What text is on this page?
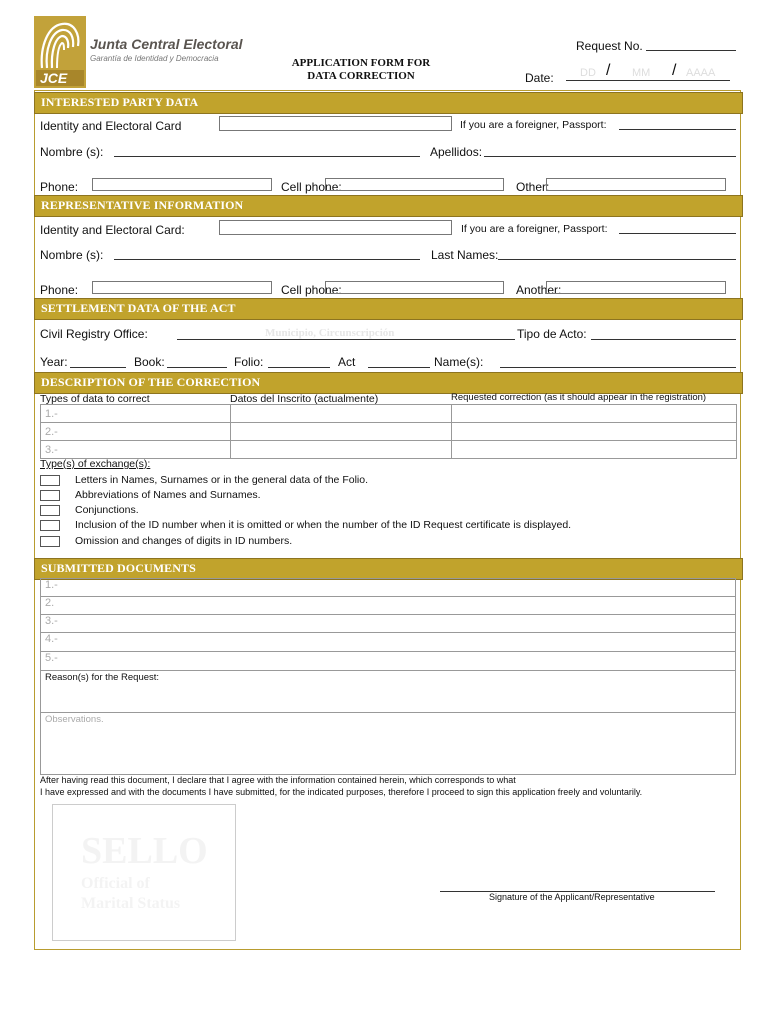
JCE
Junta Central Electoral
Garantía de Identidad y Democracia	APPLICATION FORM FOR
DATA CORRECTION
Request No.
Date: DD / MM / AAAA
INTERESTED PARTY DATA
Identity and Electoral Card	If you are a foreigner, Passport:
Nombre (s):	Apellidos:
Phone:	Cell phone:	Other:
REPRESENTATIVE INFORMATION
Identity and Electoral Card:	If you are a foreigner, Passport:
Nombre (s):	Last Names:
Phone:	Cell phone:	Another:
SETTLEMENT DATA OF THE ACT
Civil Registry Office:	Municipio, Circunscripción	Tipo de Acto:
Year:	Book:	Folio:	Act	Name(s):
DESCRIPTION OF THE CORRECTION
Types of data to correct	Datos del Inscrito (actualmente)	Requested correction (as it should appear in the registration)
1.-		
2.-		
3.-		
Type(s) of exchange(s):
Letters in Names, Surnames or in the general data of the Folio.
Abbreviations of Names and Surnames.
Conjunctions.
Inclusion of the ID number when it is omitted or when the number of the ID Request certificate is displayed.
Omission and changes of digits in ID numbers.
SUBMITTED DOCUMENTS
1.-
2.
3.-
4.-
5.-
Reason(s) for the Request:
Observations.
After having read this document, I declare that I agree with the information contained herein, which corresponds to what
I have expressed and with the documents I have submitted, for the indicated purposes, therefore I proceed to sign this application freely and voluntarily.
SELLO
Official of
Marital Status	Signature of the Applicant/Representative
